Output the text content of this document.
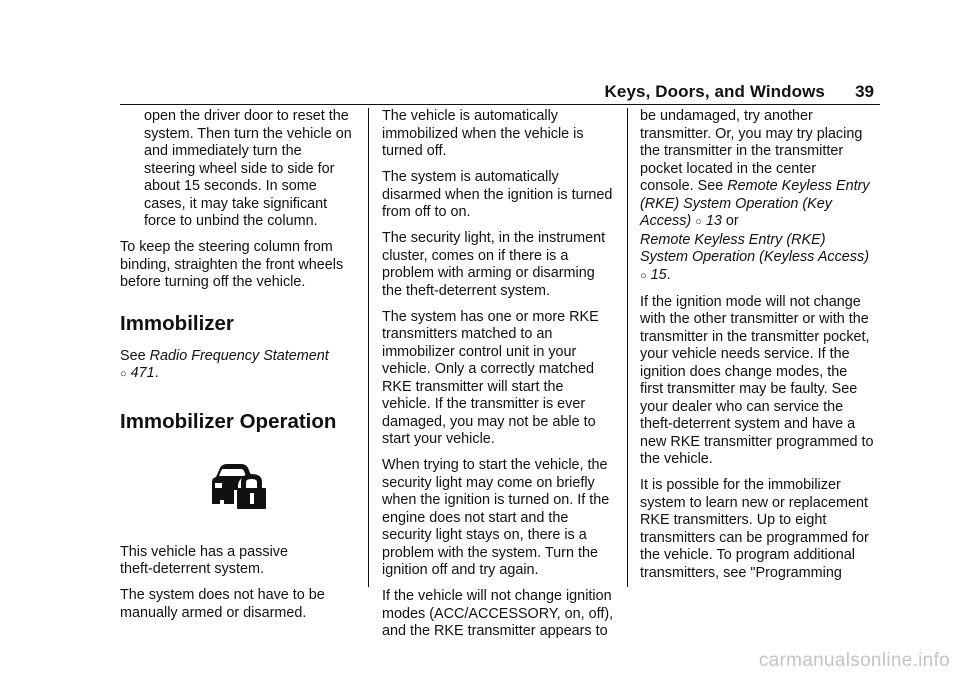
Keys, Doors, and Windows 39

open the driver door to reset the
system. Then turn the vehicle on
and immediately turn the
steering wheel side to side for
about 15 seconds. In some
cases, it may take significant
force to unbind the column.

To keep the steering column from
binding, straighten the front wheels
before turning off the vehicle.

Immobilizer

See Radio Frequency Statement
○ 471.

Immobilizer Operation

This vehicle has a passive
theft-deterrent system.

The system does not have to be
manually armed or disarmed.

The vehicle is automatically
immobilized when the vehicle is
turned off.

The system is automatically
disarmed when the ignition is turned
from off to on.

The security light, in the instrument
cluster, comes on if there is a
problem with arming or disarming
the theft-deterrent system.

The system has one or more RKE
transmitters matched to an
immobilizer control unit in your
vehicle. Only a correctly matched
RKE transmitter will start the
vehicle. If the transmitter is ever
damaged, you may not be able to
start your vehicle.

When trying to start the vehicle, the
security light may come on briefly
when the ignition is turned on. If the
engine does not start and the
security light stays on, there is a
problem with the system. Turn the
ignition off and try again.

If the vehicle will not change ignition
modes (ACC/ACCESSORY, on, off),
and the RKE transmitter appears to

be undamaged, try another
transmitter. Or, you may try placing
the transmitter in the transmitter
pocket located in the center
console. See Remote Keyless Entry
(RKE) System Operation (Key
Access) ○ 13 or
Remote Keyless Entry (RKE)
System Operation (Keyless Access)
○ 15.

If the ignition mode will not change
with the other transmitter or with the
transmitter in the transmitter pocket,
your vehicle needs service. If the
ignition does change modes, the
first transmitter may be faulty. See
your dealer who can service the
theft-deterrent system and have a
new RKE transmitter programmed to
the vehicle.

It is possible for the immobilizer
system to learn new or replacement
RKE transmitters. Up to eight
transmitters can be programmed for
the vehicle. To program additional
transmitters, see "Programming

carmanualsonline.info
